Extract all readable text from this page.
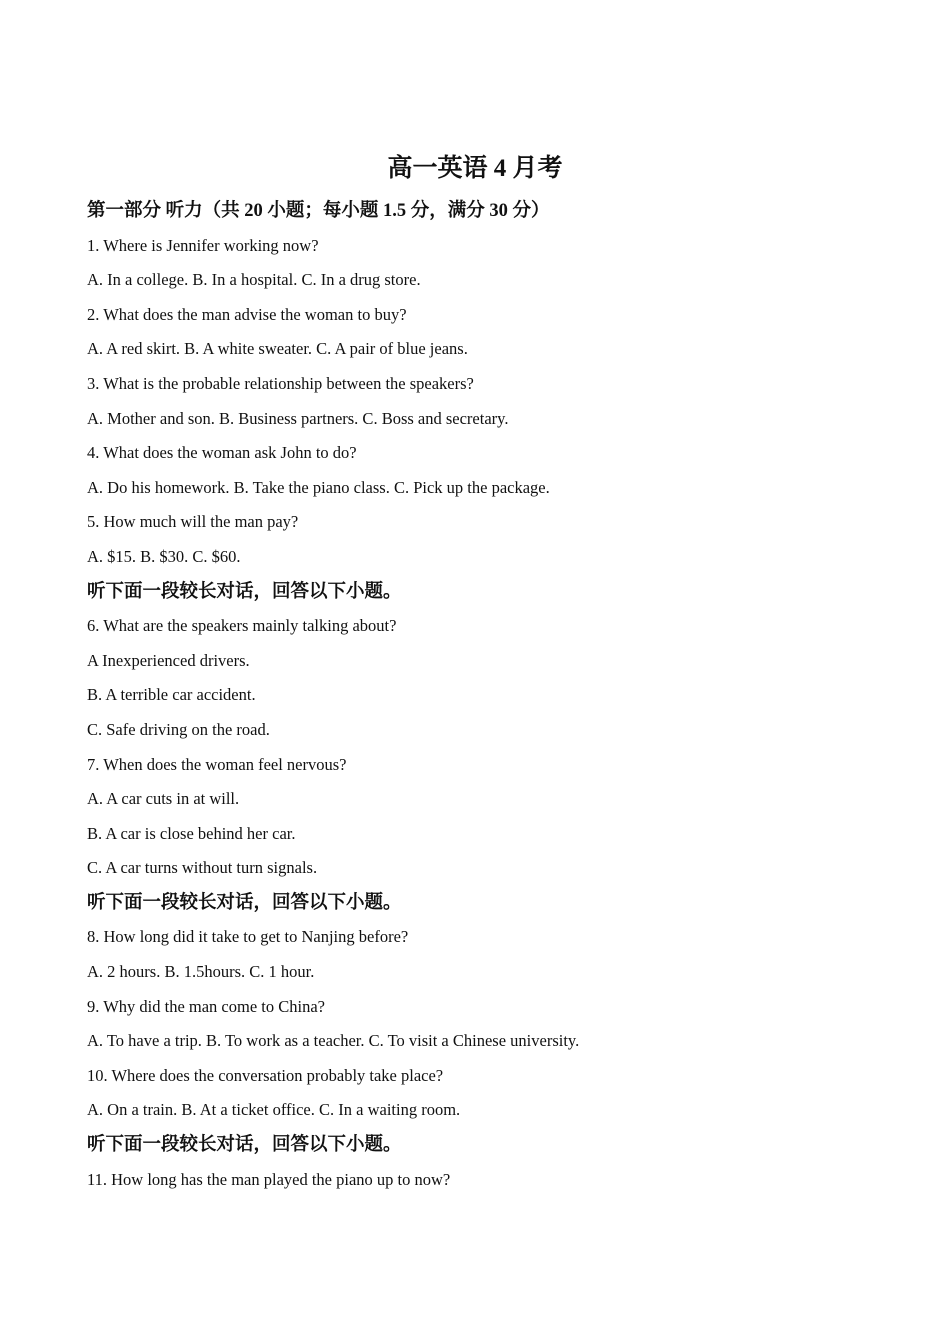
高一英语 4 月考
第一部分 听力（共 20 小题；每小题 1.5 分，满分 30 分）
1. Where is Jennifer working now?
A. In a college. B. In a hospital. C. In a drug store.
2. What does the man advise the woman to buy?
A. A red skirt. B. A white sweater. C. A pair of blue jeans.
3. What is the probable relationship between the speakers?
A. Mother and son. B. Business partners. C. Boss and secretary.
4. What does the woman ask John to do?
A. Do his homework. B. Take the piano class. C. Pick up the package.
5. How much will the man pay?
A. $15. B. $30. C. $60.
听下面一段较长对话，回答以下小题。
6. What are the speakers mainly talking about?
A Inexperienced drivers.
B. A terrible car accident.
C. Safe driving on the road.
7. When does the woman feel nervous?
A. A car cuts in at will.
B. A car is close behind her car.
C. A car turns without turn signals.
听下面一段较长对话，回答以下小题。
8. How long did it take to get to Nanjing before?
A. 2 hours. B. 1.5hours. C. 1 hour.
9. Why did the man come to China?
A. To have a trip. B. To work as a teacher. C. To visit a Chinese university.
10. Where does the conversation probably take place?
A. On a train. B. At a ticket office. C. In a waiting room.
听下面一段较长对话，回答以下小题。
11. How long has the man played the piano up to now?
